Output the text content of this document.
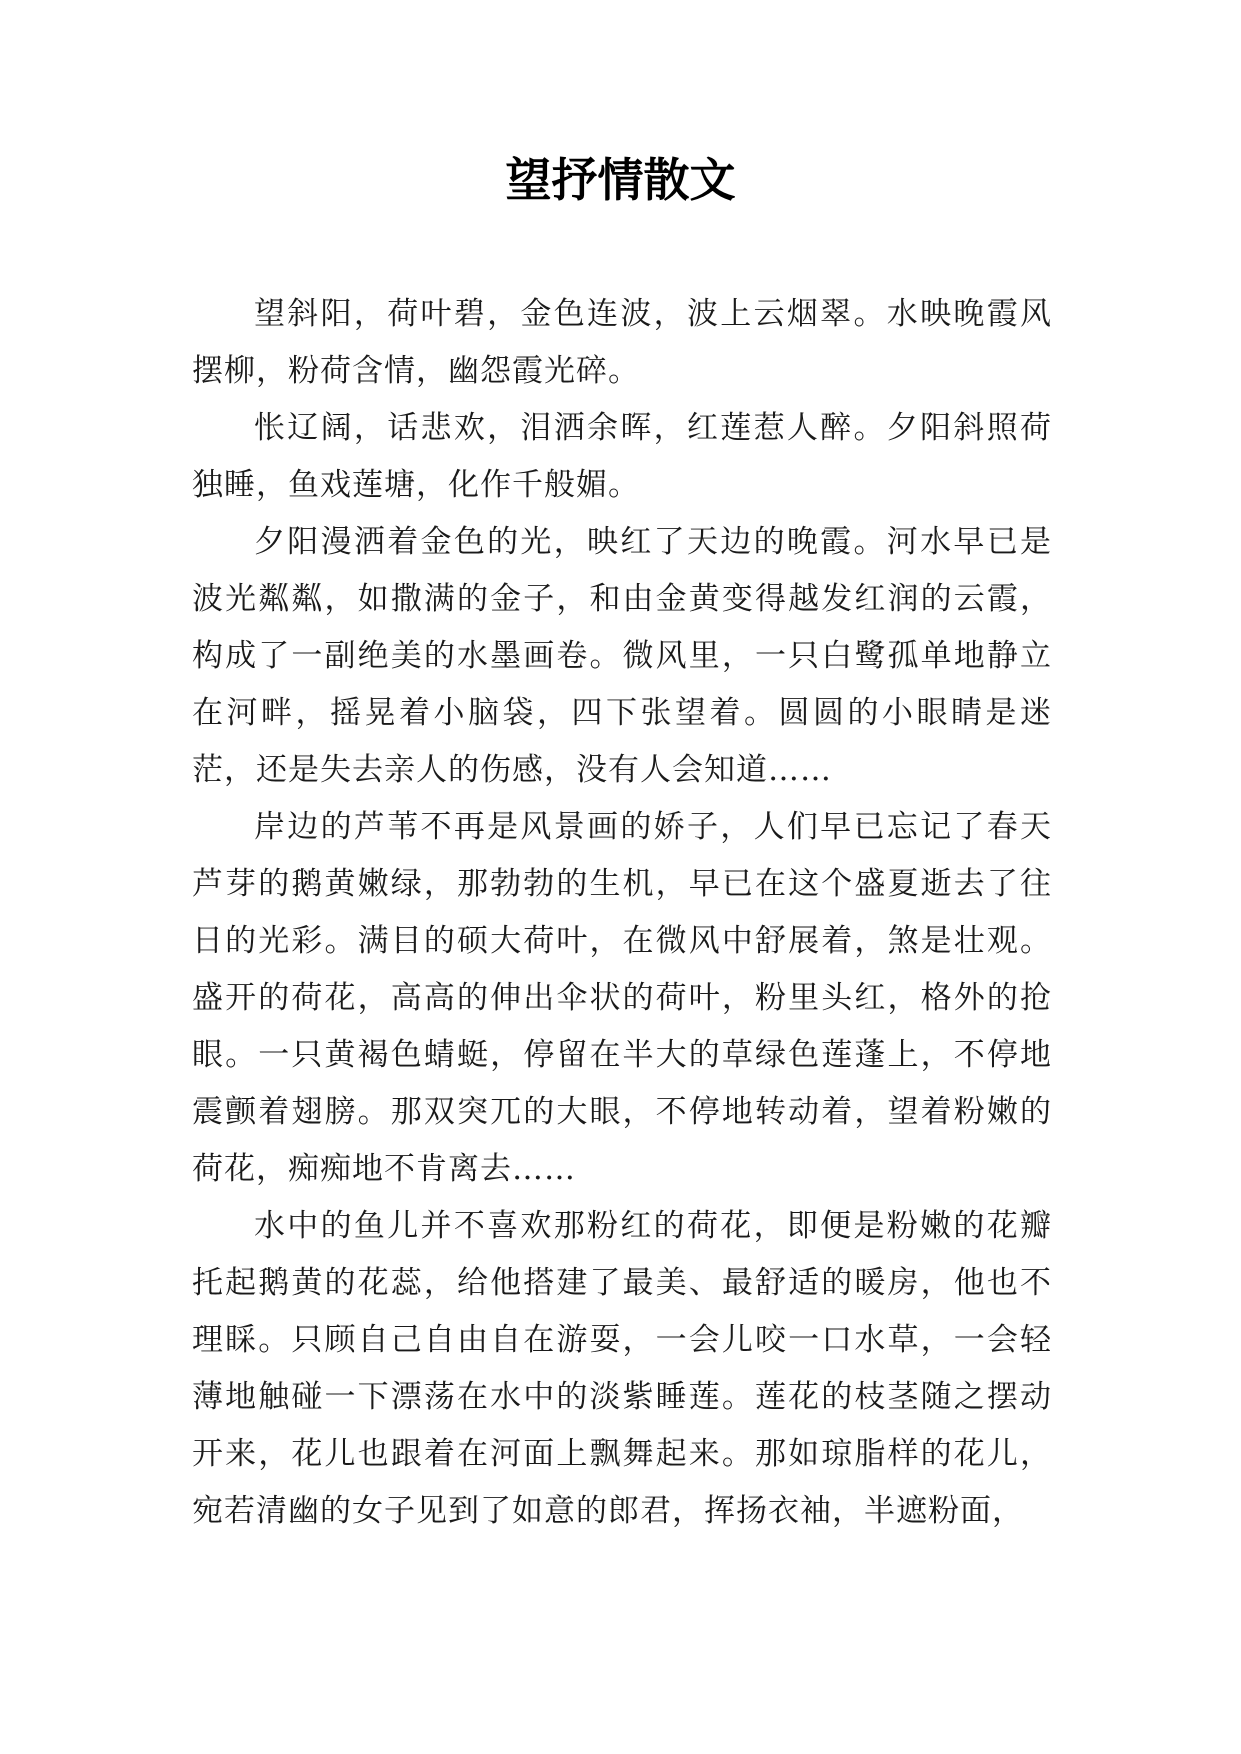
望抒情散文

望斜阳，荷叶碧，金色连波，波上云烟翠。水映晚霞风摆柳，粉荷含情，幽怨霞光碎。

怅辽阔，话悲欢，泪洒余晖，红莲惹人醉。夕阳斜照荷独睡，鱼戏莲塘，化作千般媚。

夕阳漫洒着金色的光，映红了天边的晚霞。河水早已是波光粼粼，如撒满的金子，和由金黄变得越发红润的云霞，构成了一副绝美的水墨画卷。微风里，一只白鹭孤单地静立在河畔，摇晃着小脑袋，四下张望着。圆圆的小眼睛是迷茫，还是失去亲人的伤感，没有人会知道……

岸边的芦苇不再是风景画的娇子，人们早已忘记了春天芦芽的鹅黄嫩绿，那勃勃的生机，早已在这个盛夏逝去了往日的光彩。满目的硕大荷叶，在微风中舒展着，煞是壮观。盛开的荷花，高高的伸出伞状的荷叶，粉里头红，格外的抢眼。一只黄褐色蜻蜓，停留在半大的草绿色莲蓬上，不停地震颤着翅膀。那双突兀的大眼，不停地转动着，望着粉嫩的荷花，痴痴地不肯离去……

水中的鱼儿并不喜欢那粉红的荷花，即便是粉嫩的花瓣托起鹅黄的花蕊，给他搭建了最美、最舒适的暖房，他也不理睬。只顾自己自由自在游耍，一会儿咬一口水草，一会轻薄地触碰一下漂荡在水中的淡紫睡莲。莲花的枝茎随之摆动开来，花儿也跟着在河面上飘舞起来。那如琼脂样的花儿，宛若清幽的女子见到了如意的郎君，挥扬衣袖，半遮粉面，
